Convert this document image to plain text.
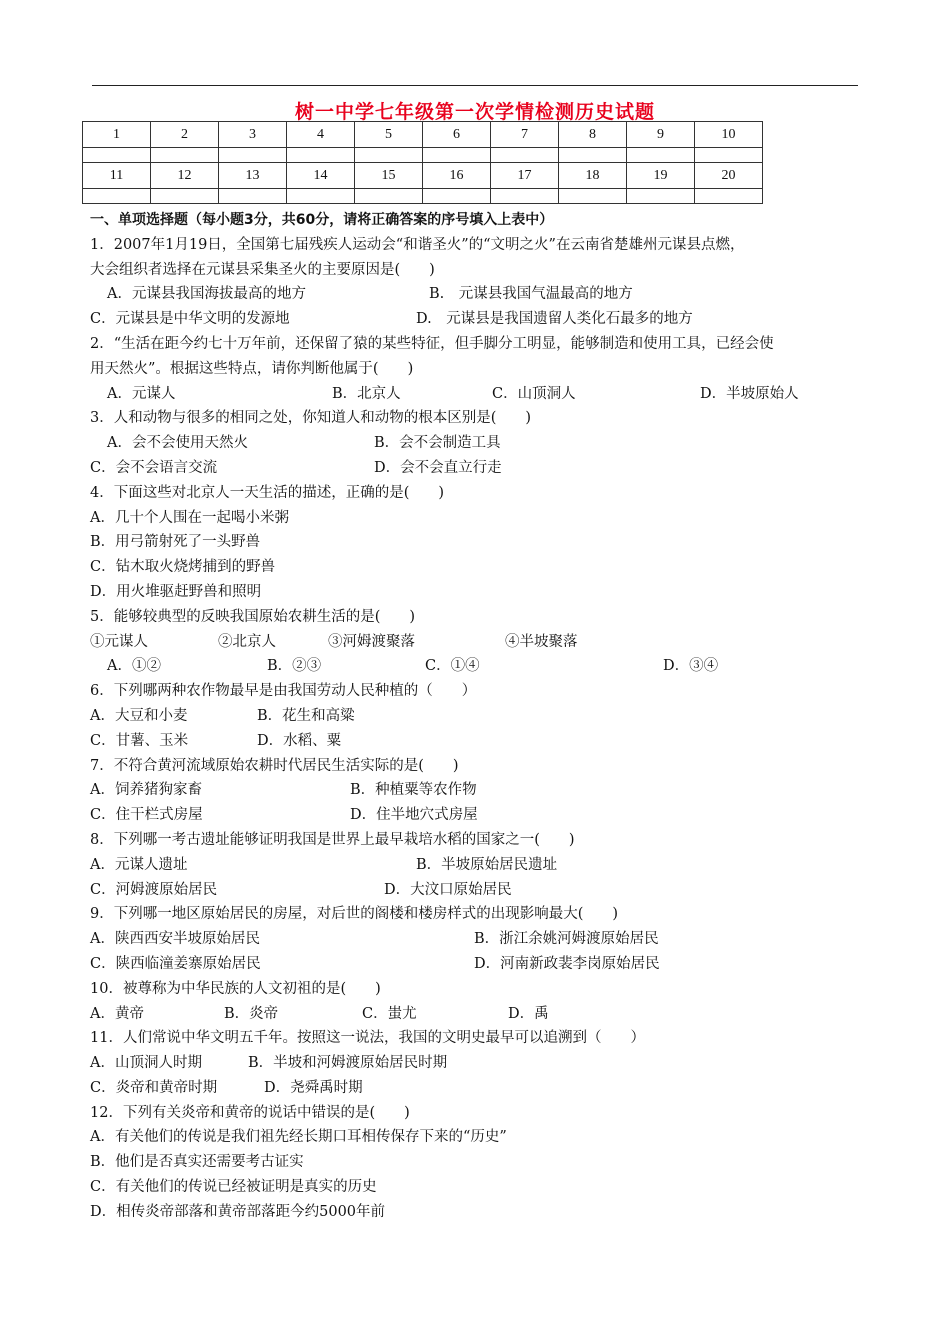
树一中学七年级第一次学情检测历史试题
1	2	3	4	5	6	7	8	9	10

11	12	13	14	15	16	17	18	19	20

一、单项选择题（每小题3分，共60分，请将正确答案的序号填入上表中）
1．2007年1月19日，全国第七届残疾人运动会“和谐圣火”的“文明之火”在云南省楚雄州元谋县点燃，
大会组织者选择在元谋县采集圣火的主要原因是(　　)
A．元谋县我国海拔最高的地方	B.　元谋县我国气温最高的地方
C．元谋县是中华文明的发源地	D.　元谋县是我国遗留人类化石最多的地方
2．“生活在距今约七十万年前，还保留了猿的某些特征，但手脚分工明显，能够制造和使用工具，已经会使
用天然火”。根据这些特点，请你判断他属于(　　)
A．元谋人	B．北京人	C．山顶洞人	D．半坡原始人
3．人和动物与很多的相同之处，你知道人和动物的根本区别是(　　)
A．会不会使用天然火	B．会不会制造工具
C．会不会语言交流	D．会不会直立行走
4．下面这些对北京人一天生活的描述，正确的是(　　)
A．几十个人围在一起喝小米粥
B．用弓箭射死了一头野兽
C．钻木取火烧烤捕到的野兽
D．用火堆驱赶野兽和照明
5．能够较典型的反映我国原始农耕生活的是(　　)
①元谋人	②北京人	③河姆渡聚落	④半坡聚落
A．①②	B．②③	C．①④	D．③④
6．下列哪两种农作物最早是由我国劳动人民种植的（　　）
A．大豆和小麦	B．花生和高粱
C．甘薯、玉米	D．水稻、粟
7．不符合黄河流域原始农耕时代居民生活实际的是(　　)
A．饲养猪狗家畜	B．种植粟等农作物
C．住干栏式房屋	D．住半地穴式房屋
8．下列哪一考古遗址能够证明我国是世界上最早栽培水稻的国家之一(　　)
A．元谋人遗址	B．半坡原始居民遗址
C．河姆渡原始居民	D．大汶口原始居民
9．下列哪一地区原始居民的房屋，对后世的阁楼和楼房样式的出现影响最大(　　)
A．陕西西安半坡原始居民	B．浙江余姚河姆渡原始居民
C．陕西临潼姜寨原始居民	D．河南新政裴李岗原始居民
10．被尊称为中华民族的人文初祖的是(　　)
A．黄帝	B．炎帝	C．蚩尤	D．禹
11．人们常说中华文明五千年。按照这一说法，我国的文明史最早可以追溯到（　　）
A．山顶洞人时期	B．半坡和河姆渡原始居民时期
C．炎帝和黄帝时期	D．尧舜禹时期
12．下列有关炎帝和黄帝的说话中错误的是(　　)
A．有关他们的传说是我们祖先经长期口耳相传保存下来的“历史”
B．他们是否真实还需要考古证实
C．有关他们的传说已经被证明是真实的历史
D．相传炎帝部落和黄帝部落距今约5000年前
